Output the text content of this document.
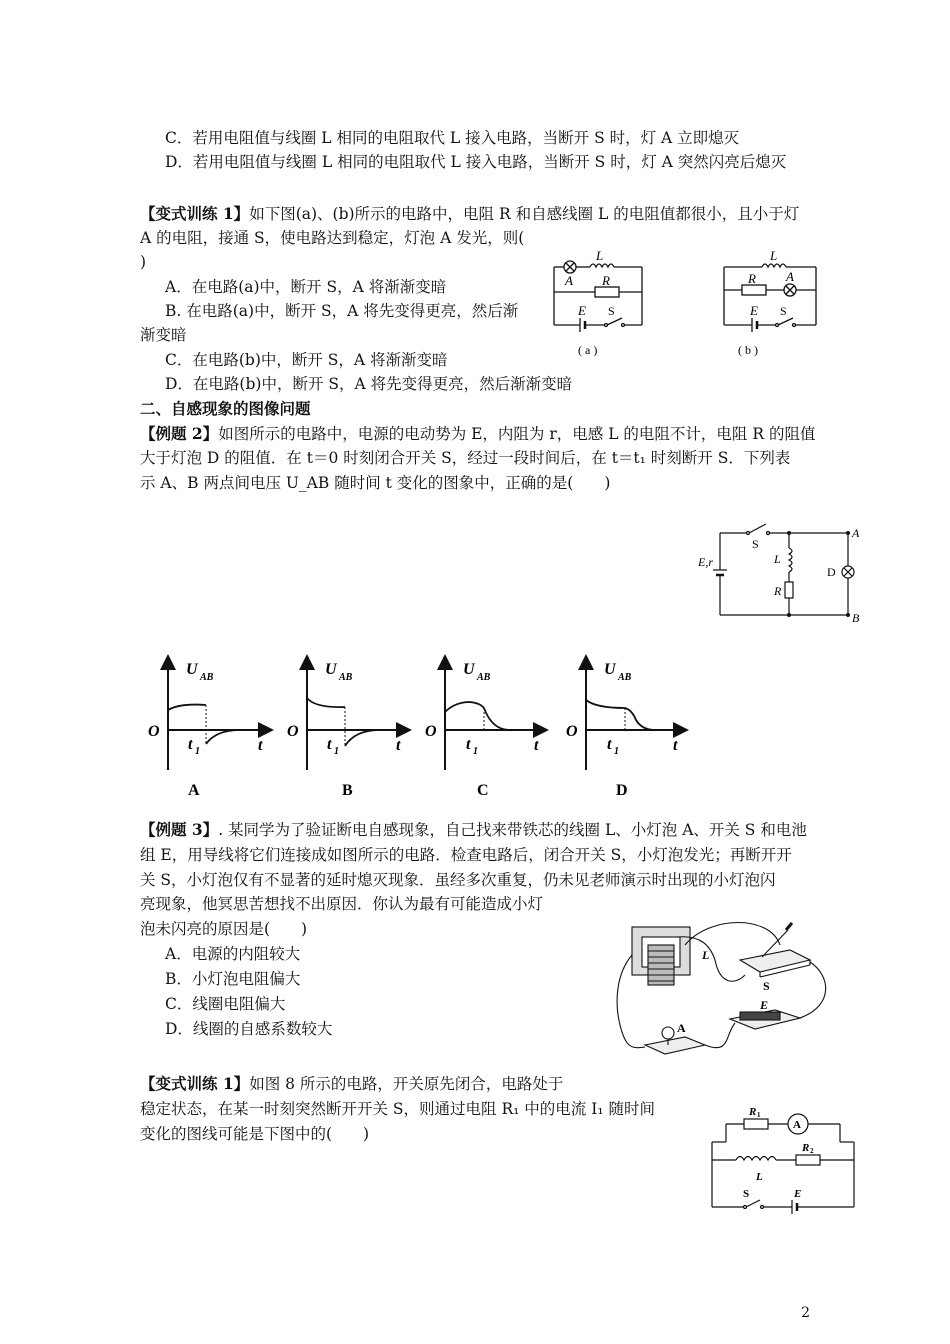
C．若用电阻值与线圈 L 相同的电阻取代 L 接入电路，当断开 S 时，灯 A 立即熄灭
D．若用电阻值与线圈 L 相同的电阻取代 L 接入电路，当断开 S 时，灯 A 突然闪亮后熄灭
【变式训练 1】如下图(a)、(b)所示的电路中，电阻 R 和自感线圈 L 的电阻值都很小，且小于灯
A 的电阻，接通 S，使电路达到稳定，灯泡 A 发光，则(
)
A．在电路(a)中，断开 S，A 将渐渐变暗
B. 在电路(a)中，断开 S，A 将先变得更亮，然后渐
渐变暗
C．在电路(b)中，断开 S，A 将渐渐变暗
D．在电路(b)中，断开 S，A 将先变得更亮，然后渐渐变暗
L
A R
E S
( a )
L
A
R
E S
( b )
二、自感现象的图像问题
【例题 2】如图所示的电路中，电源的电动势为 E，内阻为 r，电感 L 的电阻不计，电阻 R 的阻值
大于灯泡 D 的阻值．在 t＝0 时刻闭合开关 S，经过一段时间后，在 t＝t₁ 时刻断开 S．下列表
示 A、B 两点间电压 U_AB 随时间 t 变化的图象中，正确的是(　　)
S
L
R
E,r
D
A
B
U AB
O
t
t 1
A
U AB
O
t
t 1
B
U AB
O
t
t 1
C
U AB
O
t
t 1
D
【例题 3】. 某同学为了验证断电自感现象，自己找来带铁芯的线圈 L、小灯泡 A、开关 S 和电池
组 E，用导线将它们连接成如图所示的电路．检查电路后，闭合开关 S，小灯泡发光；再断开开
关 S，小灯泡仅有不显著的延时熄灭现象．虽经多次重复，仍未见老师演示时出现的小灯泡闪
亮现象，他冥思苦想找不出原因．你认为最有可能造成小灯
泡未闪亮的原因是(　　)
A．电源的内阻较大
B．小灯泡电阻偏大
C．线圈电阻偏大
D．线圈的自感系数较大
L
S
E
A
【变式训练 1】如图 8 所示的电路，开关原先闭合，电路处于
稳定状态，在某一时刻突然断开开关 S，则通过电阻 R₁ 中的电流 I₁ 随时间
变化的图线可能是下图中的(　　)	A
R 1
R 2
L
S	E
2
